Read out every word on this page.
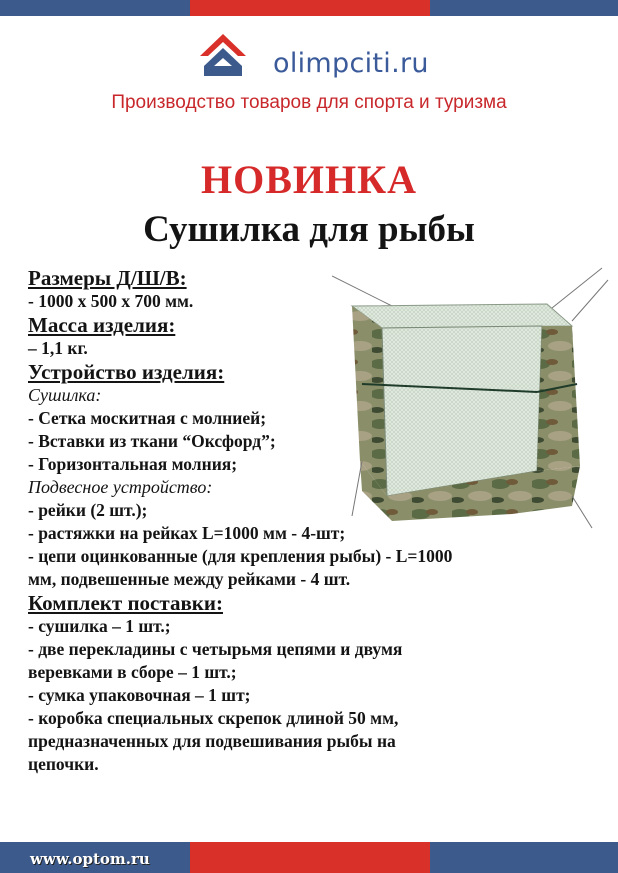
olimpciti.ru
Производство товаров для спорта и туризма
НОВИНКА
Сушилка для рыбы
Размеры Д/Ш/В:
- 1000 х 500 х 700 мм.
Масса изделия:
– 1,1 кг.
Устройство изделия:
Сушилка:
- Сетка москитная с молнией;
- Вставки из ткани “Оксфорд”;
- Горизонтальная молния;
Подвесное устройство:
- рейки (2 шт.);
- растяжки на рейках L=1000 мм - 4-шт;
- цепи оцинкованные (для крепления рыбы) - L=1000
мм, подвешенные между рейками - 4 шт.
Комплект поставки:
- сушилка – 1 шт.;
- две перекладины с четырьмя цепями и двумя
веревками в сборе – 1 шт.;
- сумка упаковочная – 1 шт;
- коробка специальных скрепок длиной 50 мм,
предназначенных для подвешивания рыбы на
цепочки.
www.optom.ru
